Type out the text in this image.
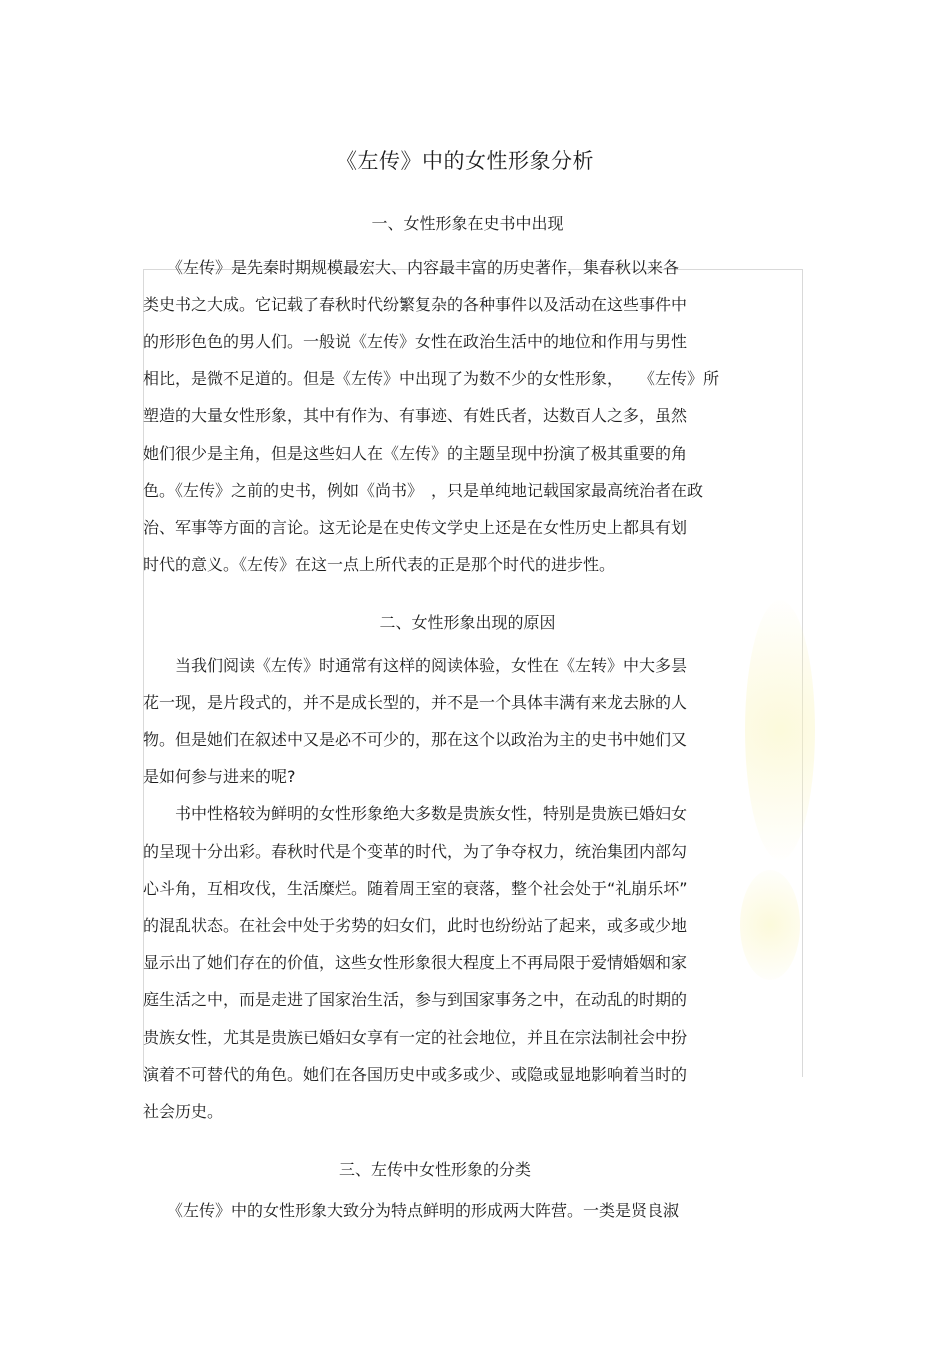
《左传》中的女性形象分析
一、女性形象在史书中出现
　　《左传》是先秦时期规模最宏大、内容最丰富的历史著作，集春秋以来各
类史书之大成。它记载了春秋时代纷繁复杂的各种事件以及活动在这些事件中
的形形色色的男人们。一般说《左传》女性在政治生活中的地位和作用与男性
相比，是微不足道的。但是《左传》中出现了为数不少的女性形象，　　《左传》所
塑造的大量女性形象，其中有作为、有事迹、有姓氏者，达数百人之多，虽然
她们很少是主角，但是这些妇人在《左传》的主题呈现中扮演了极其重要的角
色。《左传》之前的史书，例如《尚书》　，只是单纯地记载国家最高统治者在政
治、军事等方面的言论。这无论是在史传文学史上还是在女性历史上都具有划
时代的意义。《左传》在这一点上所代表的正是那个时代的进步性。
二、女性形象出现的原因
　　当我们阅读《左传》时通常有这样的阅读体验，女性在《左转》中大多昙
花一现，是片段式的，并不是成长型的，并不是一个具体丰满有来龙去脉的人
物。但是她们在叙述中又是必不可少的，那在这个以政治为主的史书中她们又
是如何参与进来的呢?
　　书中性格较为鲜明的女性形象绝大多数是贵族女性，特别是贵族已婚妇女
的呈现十分出彩。春秋时代是个变革的时代，为了争夺权力，统治集团内部勾
心斗角，互相攻伐，生活糜烂。随着周王室的衰落，整个社会处于“礼崩乐坏”
的混乱状态。在社会中处于劣势的妇女们，此时也纷纷站了起来，或多或少地
显示出了她们存在的价值，这些女性形象很大程度上不再局限于爱情婚姻和家
庭生活之中，而是走进了国家治生活，参与到国家事务之中，在动乱的时期的
贵族女性，尤其是贵族已婚妇女享有一定的社会地位，并且在宗法制社会中扮
演着不可替代的角色。她们在各国历史中或多或少、或隐或显地影响着当时的
社会历史。
三、左传中女性形象的分类
　　《左传》中的女性形象大致分为特点鲜明的形成两大阵营。一类是贤良淑
